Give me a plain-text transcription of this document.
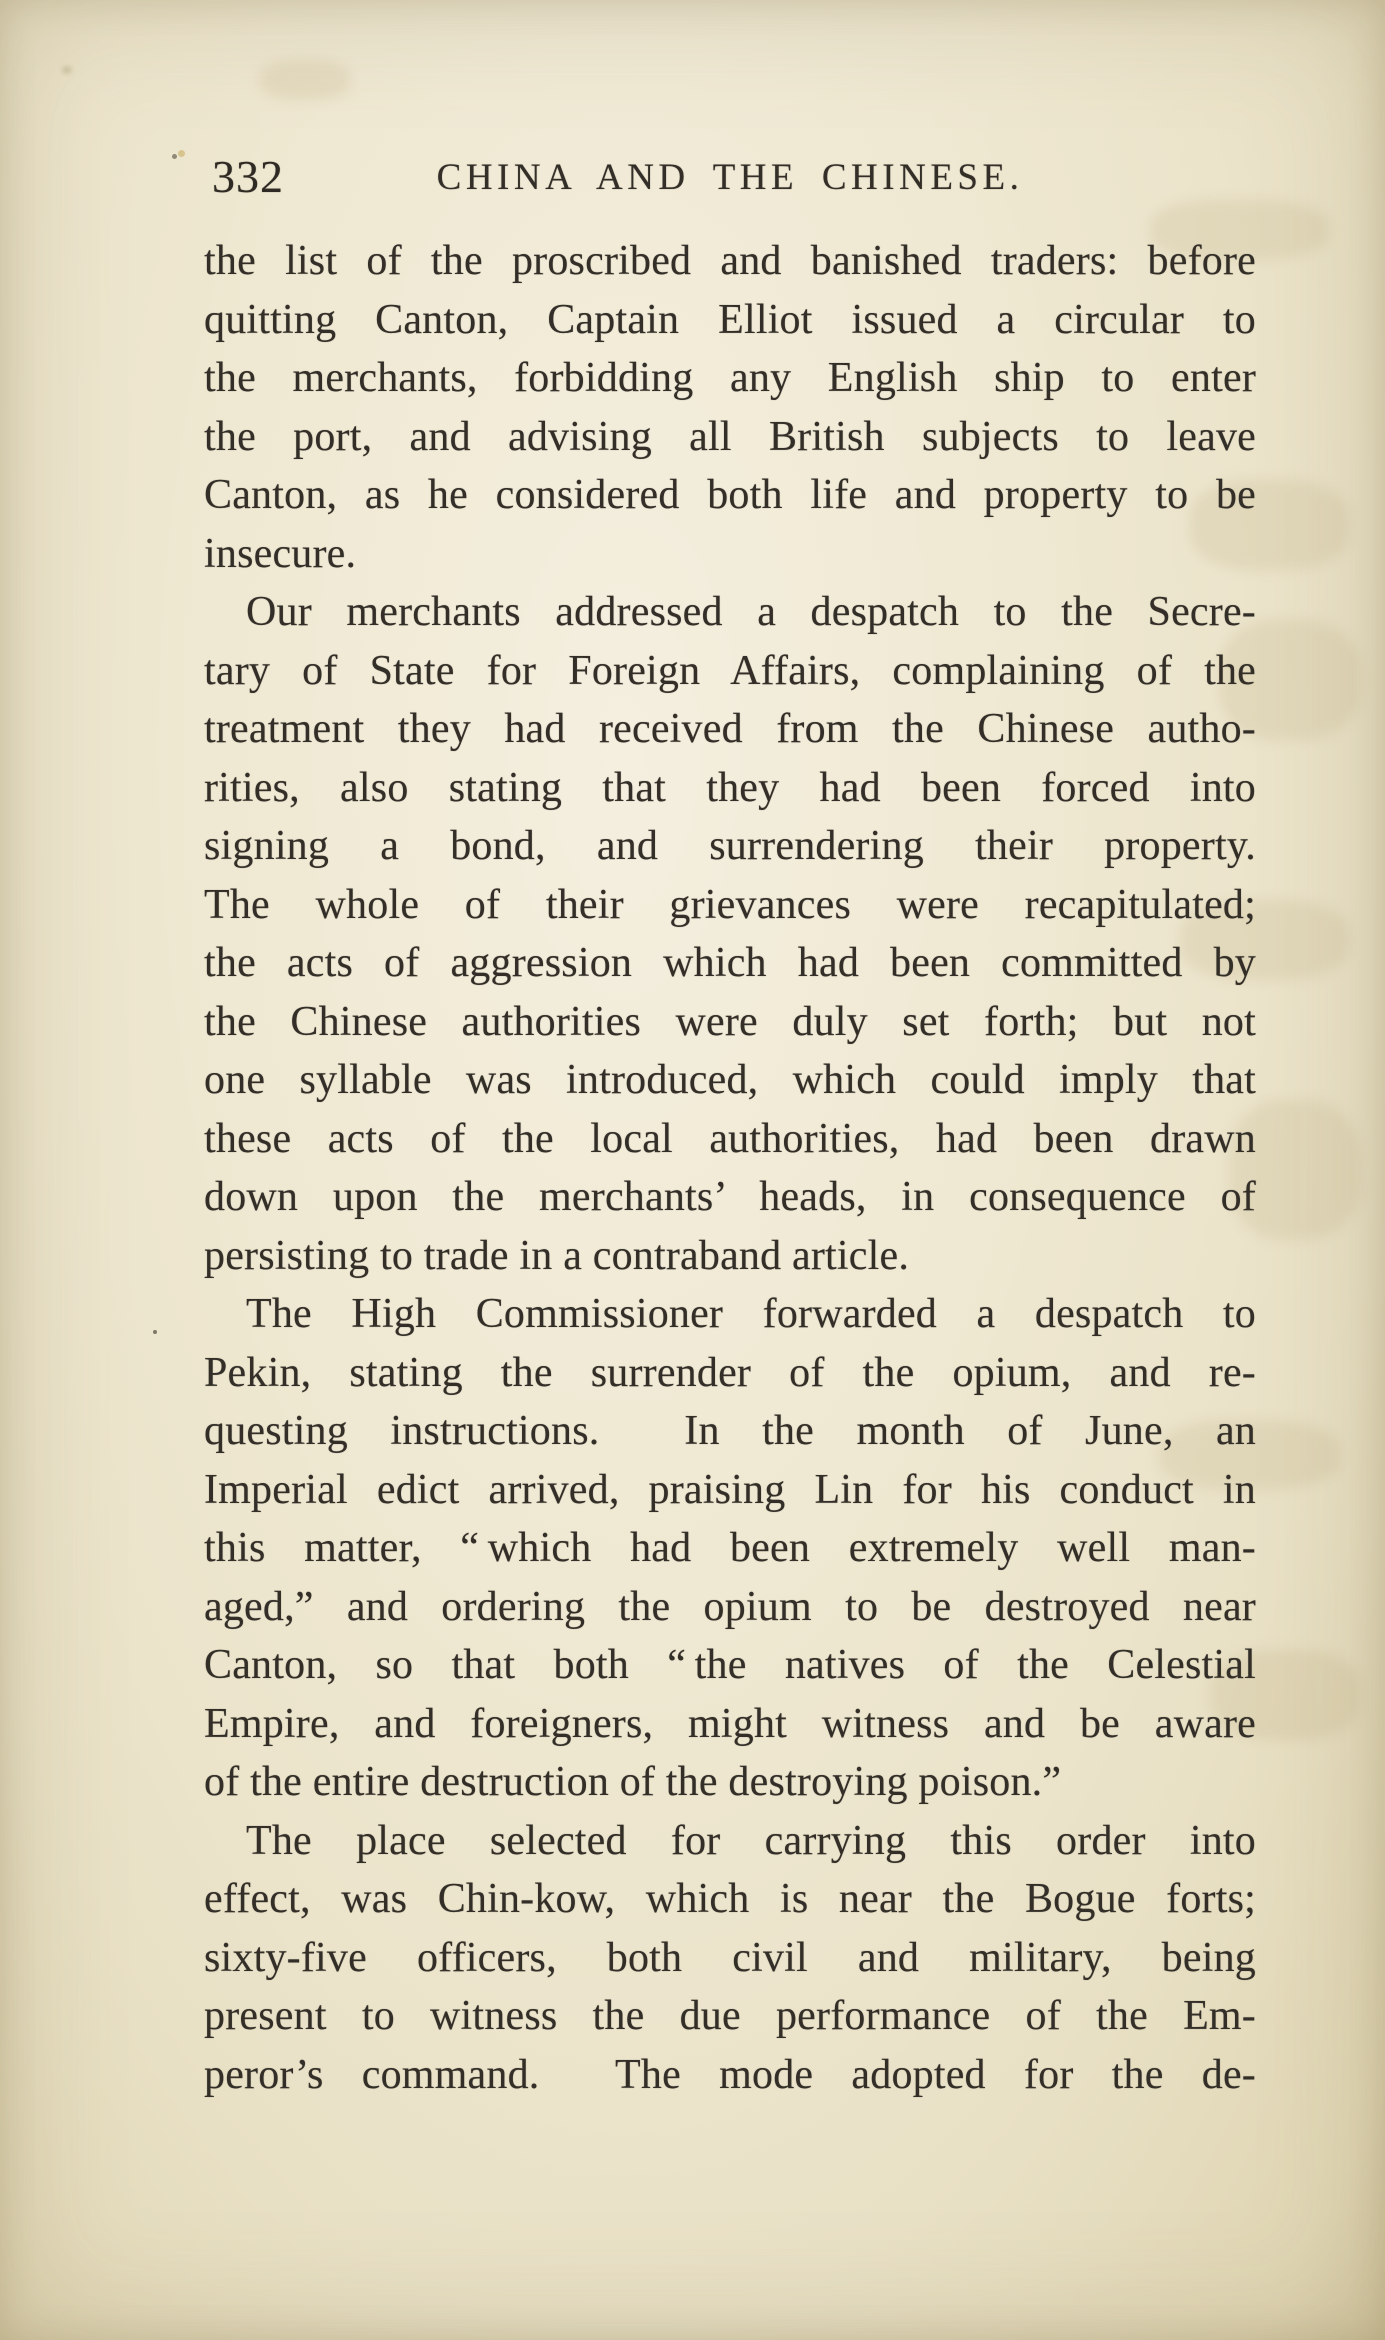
332	CHINA AND THE CHINESE.
the list of the proscribed and banished traders: before
quitting Canton, Captain Elliot issued a circular to
the merchants, forbidding any English ship to enter
the port, and advising all British subjects to leave
Canton, as he considered both life and property to be
insecure.
Our merchants addressed a despatch to the Secre-
tary of State for Foreign Affairs, complaining of the
treatment they had received from the Chinese autho-
rities, also stating that they had been forced into
signing a bond, and surrendering their property.
The whole of their grievances were recapitulated;
the acts of aggression which had been committed by
the Chinese authorities were duly set forth; but not
one syllable was introduced, which could imply that
these acts of the local authorities, had been drawn
down upon the merchants’ heads, in consequence of
persisting to trade in a contraband article.
The High Commissioner forwarded a despatch to
Pekin, stating the surrender of the opium, and re-
questing instructions.  In the month of June, an
Imperial edict arrived, praising Lin for his conduct in
this matter, “ which had been extremely well man-
aged,” and ordering the opium to be destroyed near
Canton, so that both “ the natives of the Celestial
Empire, and foreigners, might witness and be aware
of the entire destruction of the destroying poison.”
The place selected for carrying this order into
effect, was Chin-kow, which is near the Bogue forts;
sixty-five officers, both civil and military, being
present to witness the due performance of the Em-
peror’s command.  The mode adopted for the de-
